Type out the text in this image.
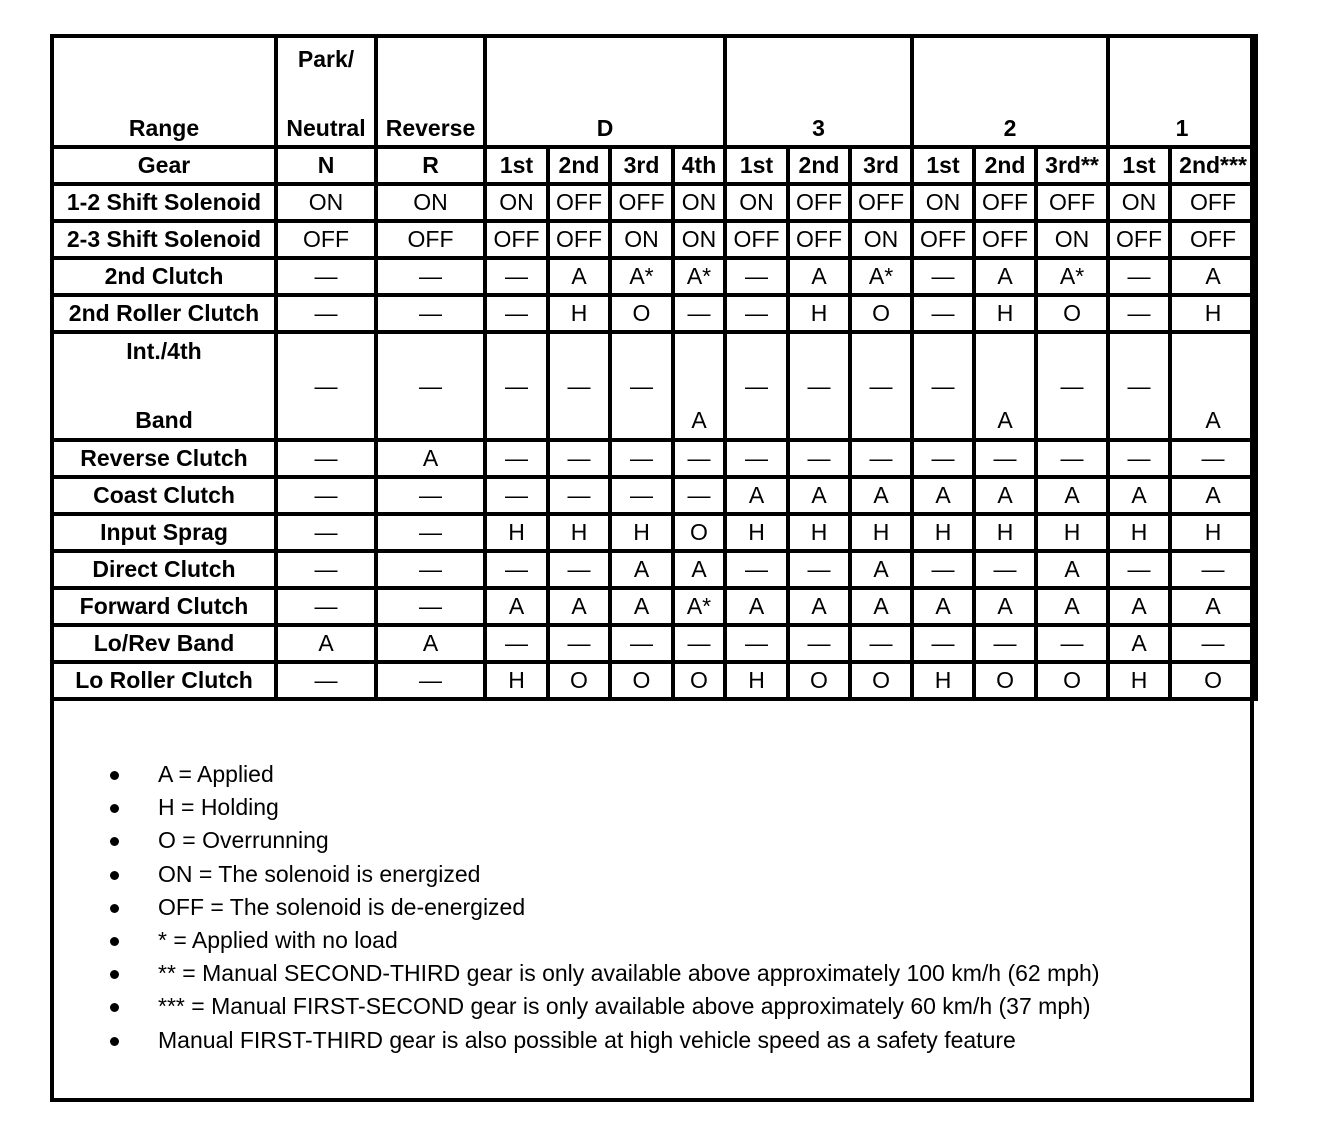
Range	Park/
Neutral	Reverse	D				3			2			1	

Gear	N	R	1st	2nd	3rd	4th	1st	2nd	3rd	1st	2nd	3rd**	1st	2nd***
1-2 Shift Solenoid	ON	ON	ON	OFF	OFF	ON	ON	OFF	OFF	ON	OFF	OFF	ON	OFF
2-3 Shift Solenoid	OFF	OFF	OFF	OFF	ON	ON	OFF	OFF	ON	OFF	OFF	ON	OFF	OFF
2nd Clutch	—	—	—	A	A*	A*	—	A	A*	—	A	A*	—	A
2nd Roller Clutch	—	—	—	H	O	—	—	H	O	—	H	O	—	H

Int./4th
Band	—	—	—	—	—	A	—	—	—	—	A	—	—	A

Reverse Clutch	—	A	—	—	—	—	—	—	—	—	—	—	—	—
Coast Clutch	—	—	—	—	—	—	A	A	A	A	A	A	A	A
Input Sprag	—	—	H	H	H	O	H	H	H	H	H	H	H	H
Direct Clutch	—	—	—	—	A	A	—	—	A	—	—	A	—	—
Forward Clutch	—	—	A	A	A	A*	A	A	A	A	A	A	A	A
Lo/Rev Band	A	A	—	—	—	—	—	—	—	—	—	—	A	—
Lo Roller Clutch	—	—	H	O	O	O	H	O	O	H	O	O	H	O
A = Applied
H = Holding
O = Overrunning
ON = The solenoid is energized
OFF = The solenoid is de-energized
* = Applied with no load
** = Manual SECOND-THIRD gear is only available above approximately 100 km/h (62 mph)
*** = Manual FIRST-SECOND gear is only available above approximately 60 km/h (37 mph)
Manual FIRST-THIRD gear is also possible at high vehicle speed as a safety feature
